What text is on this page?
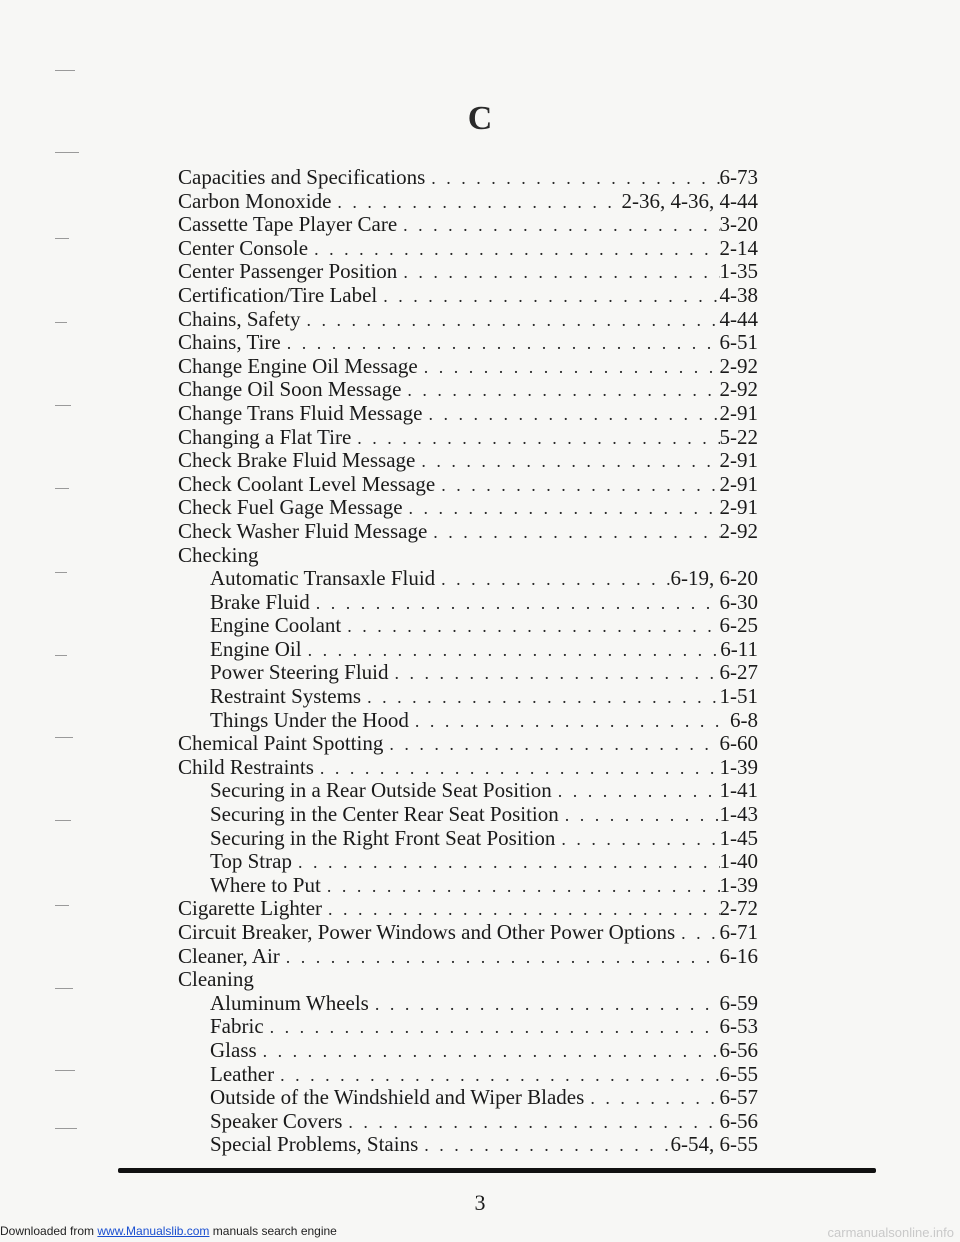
Downloaded from www.Manualslib.com manuals search engine
C
Capacities and Specifications . . .	6-73
Carbon Monoxide . . .	2-36, 4-36, 4-44
Cassette Tape Player Care . . .	3-20
Center Console . . .	2-14
Center Passenger Position . . .	1-35
Certification/Tire Label . . .	4-38
Chains, Safety . . .	4-44
Chains, Tire . . .	6-51
Change Engine Oil Message . . .	2-92
Change Oil Soon Message . . .	2-92
Change Trans Fluid Message . . .	2-91
Changing a Flat Tire . . .	5-22
Check Brake Fluid Message . . .	2-91
Check Coolant Level Message . . .	2-91
Check Fuel Gage Message . . .	2-91
Check Washer Fluid Message . . .	2-92
Checking
Automatic Transaxle Fluid . . .	6-19, 6-20
Brake Fluid . . .	6-30
Engine Coolant . . .	6-25
Engine Oil . . .	6-11
Power Steering Fluid . . .	6-27
Restraint Systems . . .	1-51
Things Under the Hood . . .	6-8
Chemical Paint Spotting . . .	6-60
Child Restraints . . .	1-39
Securing in a Rear Outside Seat Position . . .	1-41
Securing in the Center Rear Seat Position . . .	1-43
Securing in the Right Front Seat Position . . .	1-45
Top Strap . . .	1-40
Where to Put . . .	1-39
Cigarette Lighter . . .	2-72
Circuit Breaker, Power Windows and Other Power Options . . . 6-71
Cleaner, Air . . .	6-16
Cleaning
Aluminum Wheels . . .	6-59
Fabric . . .	6-53
Glass . . .	6-56
Leather . . .	6-55
Outside of the Windshield and Wiper Blades . . .	6-57
Speaker Covers . . .	6-56
Special Problems, Stains . . .	6-54, 6-55
3
carmanualsonline.info
